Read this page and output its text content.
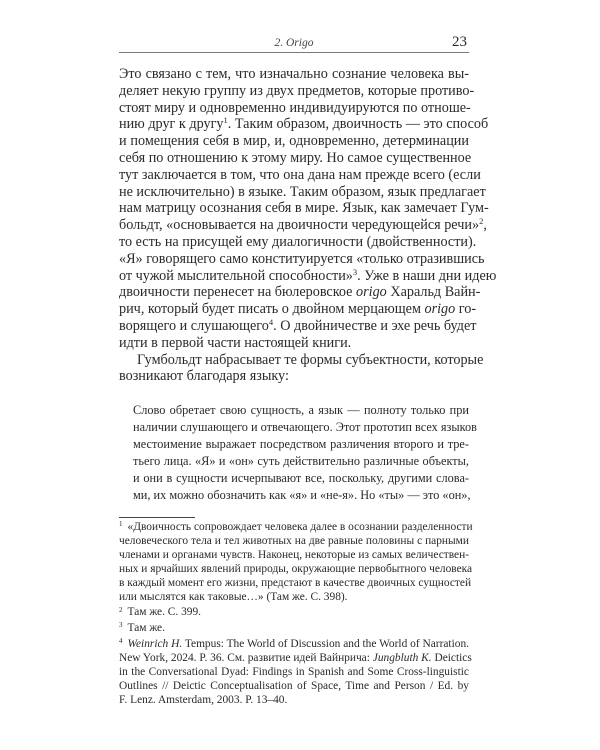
2. Origo	23
Это связано с тем, что изначально сознание человека вы-
деляет некую группу из двух предметов, которые противо-
стоят миру и одновременно индивидуируются по отноше-
нию друг к другу$^1$. Таким образом, двоичность — это способ
и помещения себя в мир, и, одновременно, детерминации
себя по отношению к этому миру. Но самое существенное
тут заключается в том, что она дана нам прежде всего (если
не исключительно) в языке. Таким образом, язык предлагает
нам матрицу осознания себя в мире. Язык, как замечает Гум-
больдт, «основывается на двоичности чередующейся речи»$^2$,
то есть на присущей ему диалогичности (двойственности).
«Я» говорящего само конституируется «только отразившись
от чужой мыслительной способности»$^3$. Уже в наши дни идею
двоичности перенесет на бюлеровское origo Харальд Вайн-
рич, который будет писать о двойном мерцающем origo го-
ворящего и слушающего$^4$. О двойничестве и эхе речь будет
идти в первой части настоящей книги.
Гумбольдт набрасывает те формы субъектности, которые
возникают благодаря языку:
Слово обретает свою сущность, а язык — полноту только при
наличии слушающего и отвечающего. Этот прототип всех языков
местоимение выражает посредством различения второго и тре-
тьего лица. «Я» и «он» суть действительно различные объекты,
и они в сущности исчерпывают все, поскольку, другими слова-
ми, их можно обозначить как «я» и «не-я». Но «ты» — это «он»,
$^1$ «Двоичность сопровождает человека далее в осознании разделенности
человеческого тела и тел животных на две равные половины с парными
членами и органами чувств. Наконец, некоторые из самых величествен-
ных и ярчайших явлений природы, окружающие первобытного человека
в каждый момент его жизни, предстают в качестве двоичных сущностей
или мыслятся как таковые…» (Там же. С. 398).
$^2$ Там же. С. 399.
$^3$ Там же.
$^4$ Weinrich H. Tempus: The World of Discussion and the World of Narration.
New York, 2024. P. 36. См. развитие идей Вайнрича: Jungbluth K. Deictics
in the Conversational Dyad: Findings in Spanish and Some Cross-linguistic
Outlines // Deictic Conceptualisation of Space, Time and Person / Ed. by
F. Lenz. Amsterdam, 2003. P. 13–40.
